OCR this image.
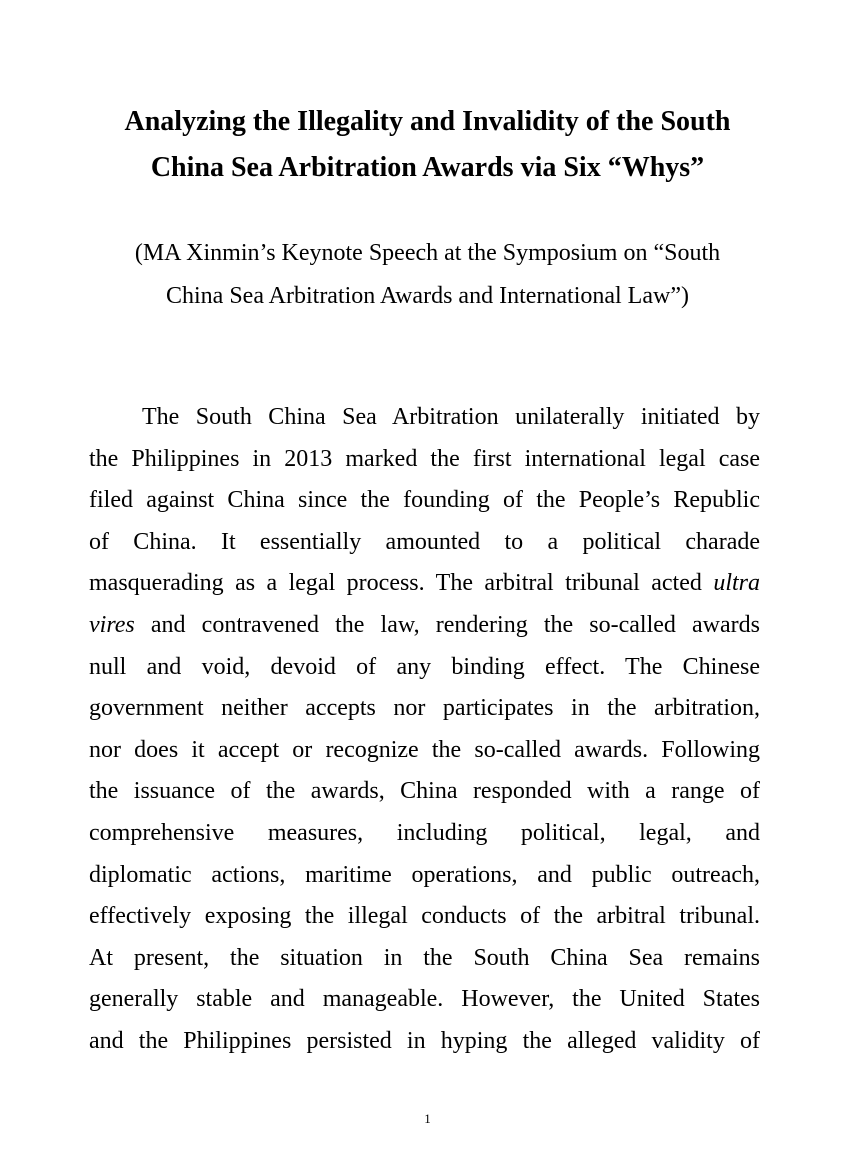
Analyzing the Illegality and Invalidity of the South
China Sea Arbitration Awards via Six “Whys”

(MA Xinmin’s Keynote Speech at the Symposium on “South
China Sea Arbitration Awards and International Law”)

The South China Sea Arbitration unilaterally initiated by
the Philippines in 2013 marked the first international legal case
filed against China since the founding of the People’s Republic
of China. It essentially amounted to a political charade
masquerading as a legal process. The arbitral tribunal acted ultra
vires and contravened the law, rendering the so-called awards
null and void, devoid of any binding effect. The Chinese
government neither accepts nor participates in the arbitration,
nor does it accept or recognize the so-called awards. Following
the issuance of the awards, China responded with a range of
comprehensive measures, including political, legal, and
diplomatic actions, maritime operations, and public outreach,
effectively exposing the illegal conducts of the arbitral tribunal.
At present, the situation in the South China Sea remains
generally stable and manageable. However, the United States
and the Philippines persisted in hyping the alleged validity of
1
